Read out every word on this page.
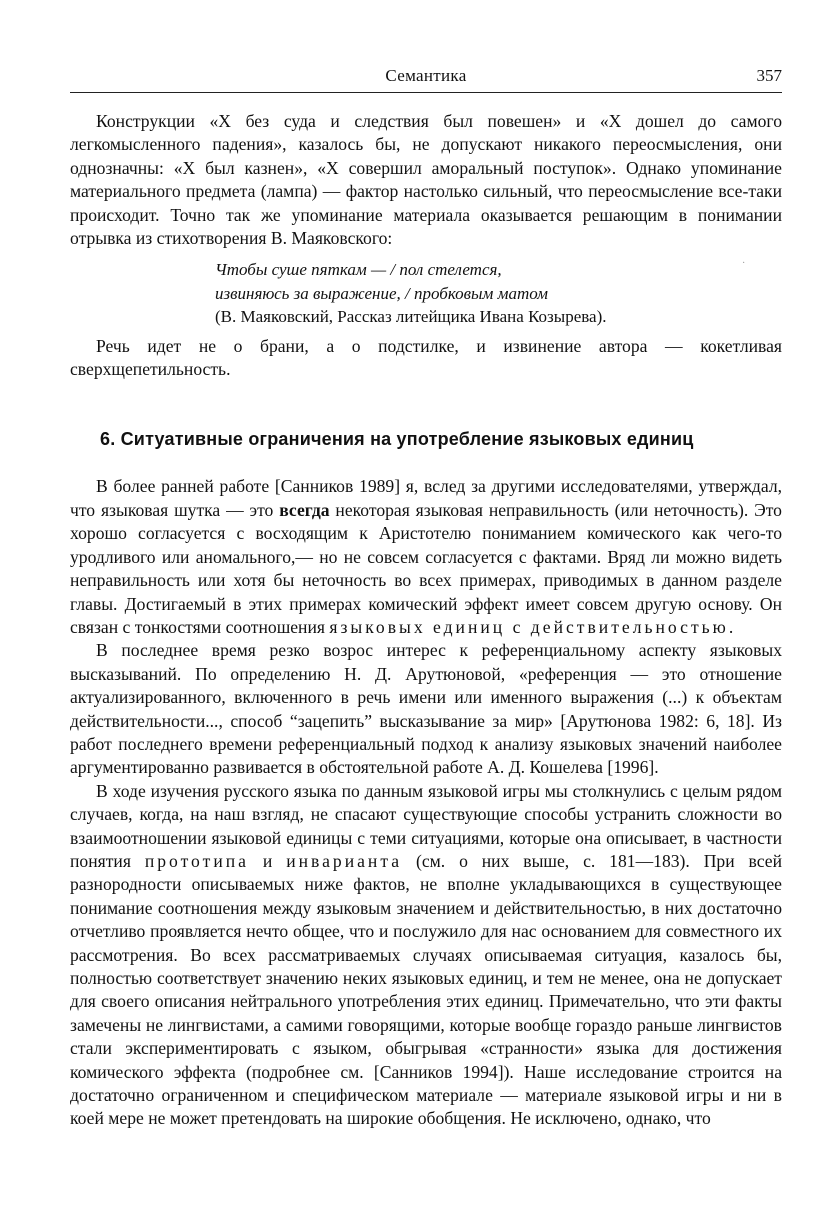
Семантика	357
·

Конструкции «Х без суда и следствия был повешен» и «Х дошел до самого легкомысленного падения», казалось бы, не допускают никакого переосмысления, они однозначны: «Х был казнен», «Х совершил аморальный поступок». Однако упоминание материального предмета (лампа) — фактор настолько сильный, что переосмысление все-таки происходит. Точно так же упоминание материала оказывается решающим в понимании отрывка из стихотворения В. Маяковского:

Чтобы суше пяткам — / пол стелется,
извиняюсь за выражение, / пробковым матом
(В. Маяковский, Рассказ литейщика Ивана Козырева).

Речь идет не о брани, а о подстилке, и извинение автора — кокетливая сверхщепетильность.

6. Ситуативные ограничения на употребление языковых единиц

В более ранней работе [Санников 1989] я, вслед за другими исследователями, утверждал, что языковая шутка — это всегда некоторая языковая неправильность (или неточность). Это хорошо согласуется с восходящим к Аристотелю пониманием комического как чего-то уродливого или аномального,— но не совсем согласуется с фактами. Вряд ли можно видеть неправильность или хотя бы неточность во всех примерах, приводимых в данном разделе главы. Достигаемый в этих примерах комический эффект имеет совсем другую основу. Он связан с тонкостями соотношения языковых единиц с действительностью.

В последнее время резко возрос интерес к референциальному аспекту языковых высказываний. По определению Н. Д. Арутюновой, «референция — это отношение актуализированного, включенного в речь имени или именного выражения (...) к объектам действительности..., способ “зацепить” высказывание за мир» [Арутюнова 1982: 6, 18]. Из работ последнего времени референциальный подход к анализу языковых значений наиболее аргументированно развивается в обстоятельной работе А. Д. Кошелева [1996].

В ходе изучения русского языка по данным языковой игры мы столкнулись с целым рядом случаев, когда, на наш взгляд, не спасают существующие способы устранить сложности во взаимоотношении языковой единицы с теми ситуациями, которые она описывает, в частности понятия прототипа и инварианта (см. о них выше, с. 181—183). При всей разнородности описываемых ниже фактов, не вполне укладывающихся в существующее понимание соотношения между языковым значением и действительностью, в них достаточно отчетливо проявляется нечто общее, что и послужило для нас основанием для совместного их рассмотрения. Во всех рассматриваемых случаях описываемая ситуация, казалось бы, полностью соответствует значению неких языковых единиц, и тем не менее, она не допускает для своего описания нейтрального употребления этих единиц. Примечательно, что эти факты замечены не лингвистами, а самими говорящими, которые вообще гораздо раньше лингвистов стали экспериментировать с языком, обыгрывая «странности» языка для достижения комического эффекта (подробнее см. [Санников 1994]). Наше исследование строится на достаточно ограниченном и специфическом материале — материале языковой игры и ни в коей мере не может претендовать на широкие обобщения. Не исключено, однако, что
